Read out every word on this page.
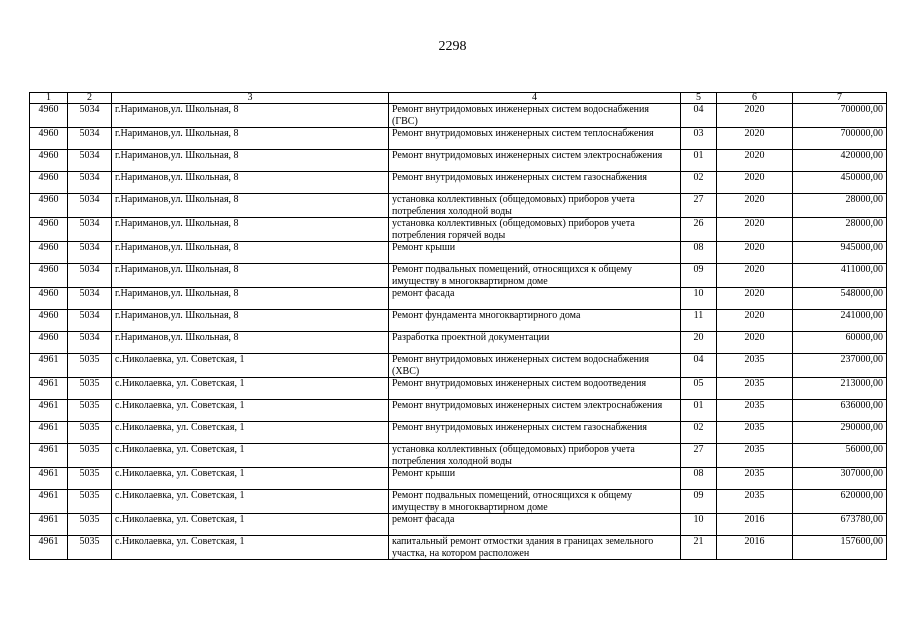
2298
1	2	3	4	5	6	7
4960	5034	г.Нариманов,ул. Школьная, 8	Ремонт внутридомовых инженерных систем водоснабжения (ГВС)	04	2020	700000,00
4960	5034	г.Нариманов,ул. Школьная, 8	Ремонт внутридомовых инженерных систем теплоснабжения	03	2020	700000,00
4960	5034	г.Нариманов,ул. Школьная, 8	Ремонт внутридомовых инженерных систем электроснабжения	01	2020	420000,00
4960	5034	г.Нариманов,ул. Школьная, 8	Ремонт внутридомовых инженерных систем газоснабжения	02	2020	450000,00
4960	5034	г.Нариманов,ул. Школьная, 8	установка коллективных (общедомовых) приборов учета потребления холодной воды	27	2020	28000,00
4960	5034	г.Нариманов,ул. Школьная, 8	установка коллективных (общедомовых) приборов учета потребления горячей воды	26	2020	28000,00
4960	5034	г.Нариманов,ул. Школьная, 8	Ремонт крыши	08	2020	945000,00
4960	5034	г.Нариманов,ул. Школьная, 8	Ремонт подвальных помещений, относящихся к общему имуществу в многоквартирном доме	09	2020	411000,00
4960	5034	г.Нариманов,ул. Школьная, 8	ремонт фасада	10	2020	548000,00
4960	5034	г.Нариманов,ул. Школьная, 8	Ремонт фундамента многоквартирного дома	11	2020	241000,00
4960	5034	г.Нариманов,ул. Школьная, 8	Разработка проектной документации	20	2020	60000,00
4961	5035	с.Николаевка, ул. Советская, 1	Ремонт внутридомовых инженерных систем водоснабжения (ХВС)	04	2035	237000,00
4961	5035	с.Николаевка, ул. Советская, 1	Ремонт внутридомовых инженерных систем водоотведения	05	2035	213000,00
4961	5035	с.Николаевка, ул. Советская, 1	Ремонт внутридомовых инженерных систем электроснабжения	01	2035	636000,00
4961	5035	с.Николаевка, ул. Советская, 1	Ремонт внутридомовых инженерных систем газоснабжения	02	2035	290000,00
4961	5035	с.Николаевка, ул. Советская, 1	установка коллективных (общедомовых) приборов учета потребления холодной воды	27	2035	56000,00
4961	5035	с.Николаевка, ул. Советская, 1	Ремонт крыши	08	2035	307000,00
4961	5035	с.Николаевка, ул. Советская, 1	Ремонт подвальных помещений, относящихся к общему имуществу в многоквартирном доме	09	2035	620000,00
4961	5035	с.Николаевка, ул. Советская, 1	ремонт фасада	10	2016	673780,00
4961	5035	с.Николаевка, ул. Советская, 1	капитальный ремонт отмостки здания в границах земельного участка, на котором расположен	21	2016	157600,00
